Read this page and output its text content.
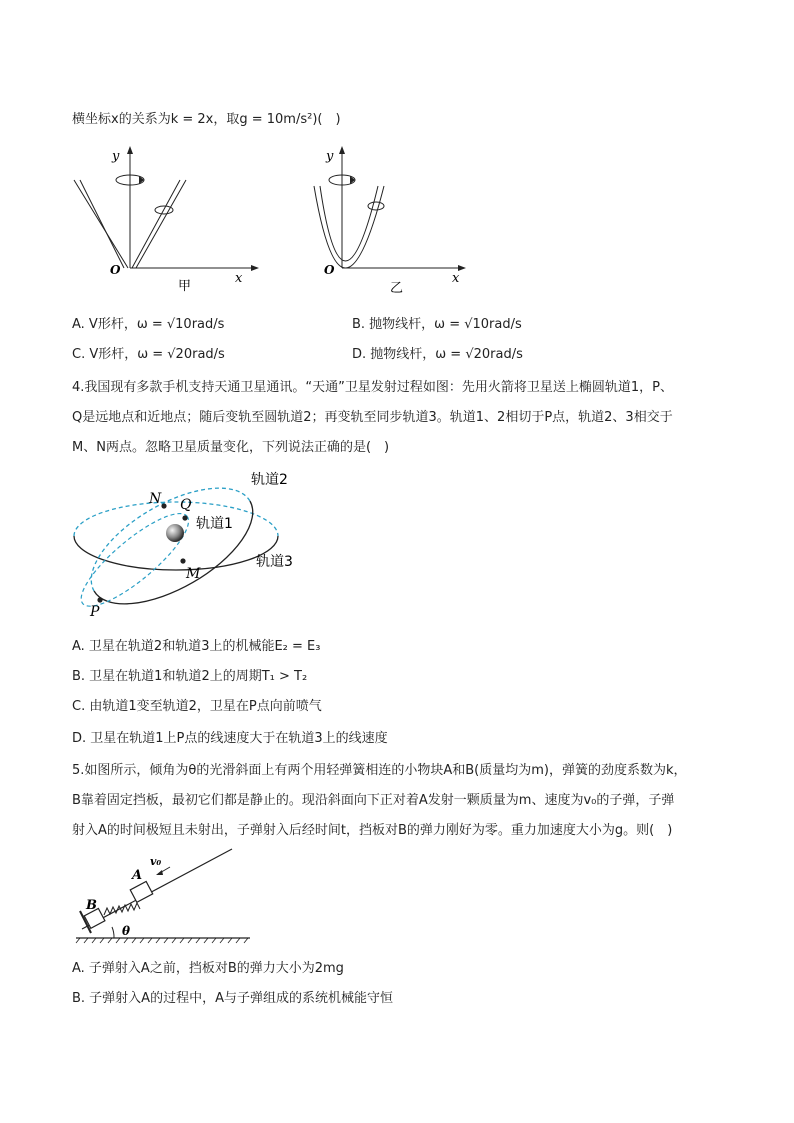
横坐标x的关系为k = 2x，取g = 10m/s²)(　)
y
x
O
甲
y
x
O
乙
A. V形杆，ω = √10rad/s	B. 抛物线杆，ω = √10rad/s
C. V形杆，ω = √20rad/s	D. 抛物线杆，ω = √20rad/s
4.我国现有多款手机支持天通卫星通讯。“天通”卫星发射过程如图：先用火箭将卫星送上椭圆轨道1，P、
Q是远地点和近地点；随后变轨至圆轨道2；再变轨至同步轨道3。轨道1、2相切于P点，轨道2、3相交于
M、N两点。忽略卫星质量变化，下列说法正确的是(　)
轨道2
轨道1
轨道3
N Q
M
P
A. 卫星在轨道2和轨道3上的机械能E₂ = E₃
B. 卫星在轨道1和轨道2上的周期T₁ > T₂
C. 由轨道1变至轨道2，卫星在P点向前喷气
D. 卫星在轨道1上P点的线速度大于在轨道3上的线速度
5.如图所示，倾角为θ的光滑斜面上有两个用轻弹簧相连的小物块A和B(质量均为m)，弹簧的劲度系数为k，
B靠着固定挡板，最初它们都是静止的。现沿斜面向下正对着A发射一颗质量为m、速度为v₀的子弹，子弹
射入A的时间极短且未射出，子弹射入后经时间t，挡板对B的弹力刚好为零。重力加速度大小为g。则(　)
θ
B
A
v₀
A. 子弹射入A之前，挡板对B的弹力大小为2mg
B. 子弹射入A的过程中，A与子弹组成的系统机械能守恒
